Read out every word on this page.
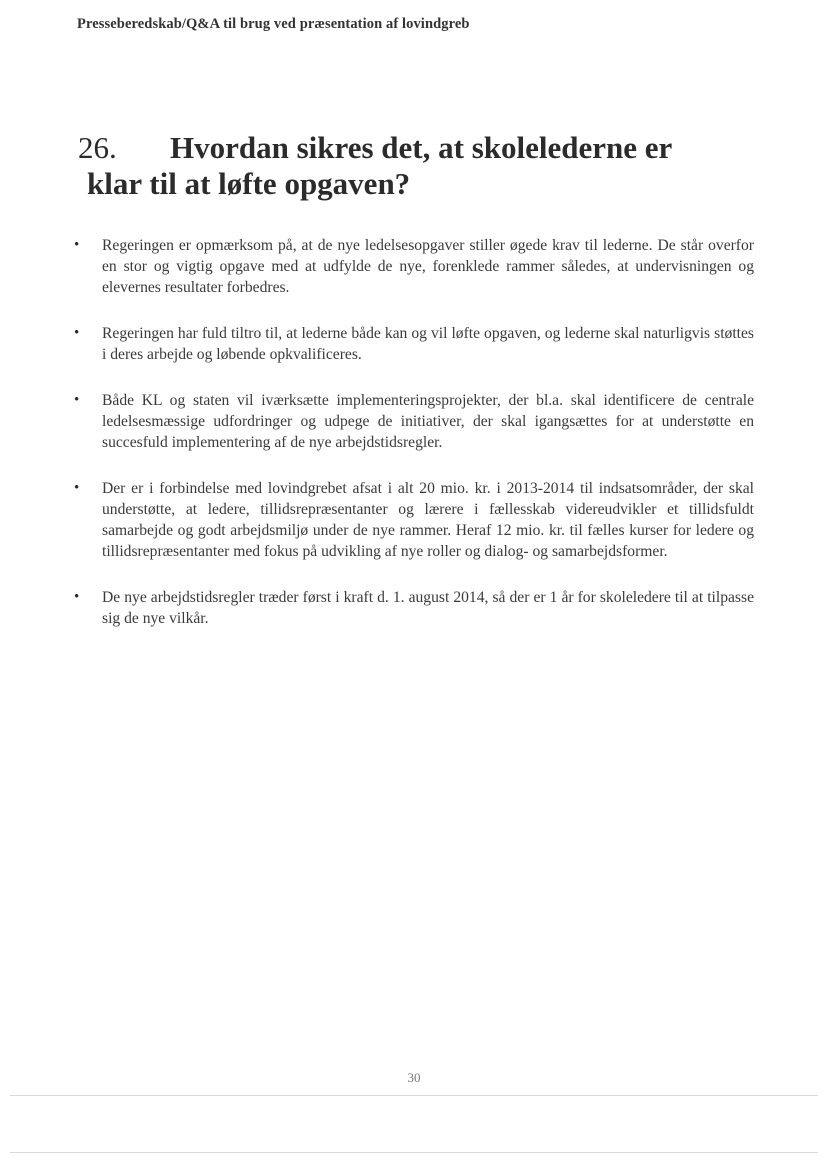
Presseberedskab/Q&A til brug ved præsentation af lovindgreb
26. Hvordan sikres det, at skolelederne er
klar til at løfte opgaven?
•	Regeringen er opmærksom på, at de nye ledelsesopgaver stiller øgede krav til lederne. De står overfor en stor og vigtig opgave med at udfylde de nye, forenklede rammer således, at undervisningen og elevernes resultater forbedres.
•	Regeringen har fuld tiltro til, at lederne både kan og vil løfte opgaven, og lederne skal naturligvis støttes i deres arbejde og løbende opkvalificeres.
•	Både KL og staten vil iværksætte implementeringsprojekter, der bl.a. skal identificere de centrale ledelsesmæssige udfordringer og udpege de initiativer, der skal igangsættes for at understøtte en succesfuld implementering af de nye arbejdstidsregler.
•	Der er i forbindelse med lovindgrebet afsat i alt 20 mio. kr. i 2013-2014 til indsatsområder, der skal understøtte, at ledere, tillidsrepræsentanter og lærere i fællesskab videreudvikler et tillidsfuldt samarbejde og godt arbejdsmiljø under de nye rammer. Heraf 12 mio. kr. til fælles kurser for ledere og tillidsrepræsentanter med fokus på udvikling af nye roller og dialog- og samarbejdsformer.
•	De nye arbejdstidsregler træder først i kraft d. 1. august 2014, så der er 1 år for skoleledere til at tilpasse sig de nye vilkår.
30
